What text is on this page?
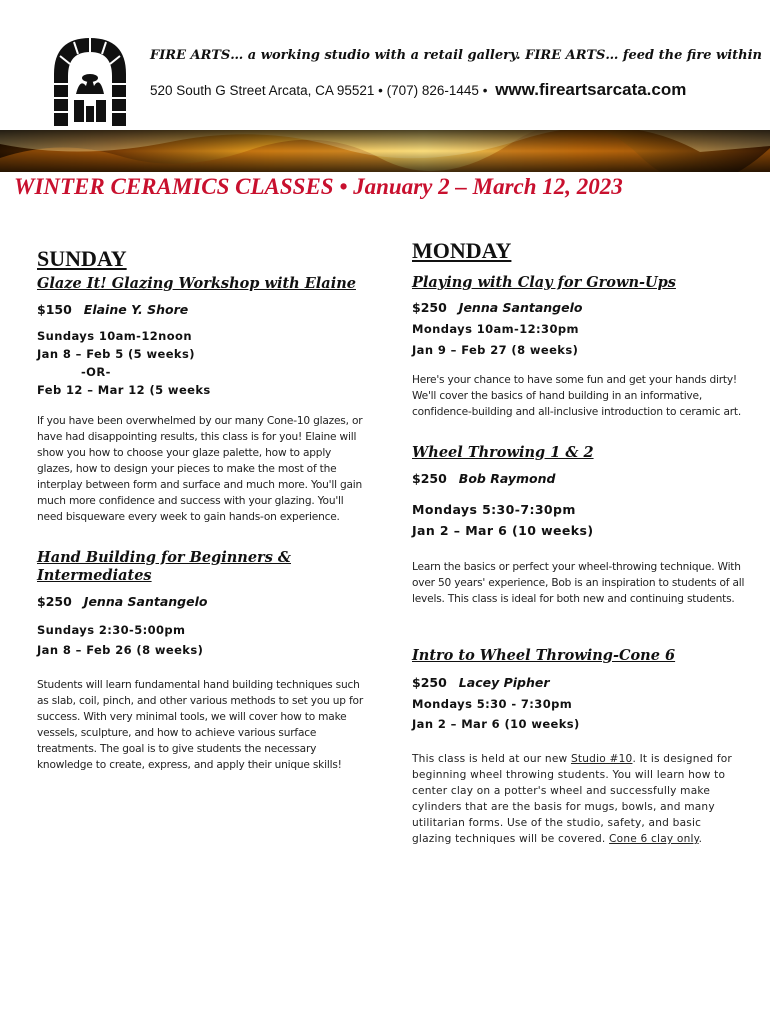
FIRE ARTS… a working studio with a retail gallery. FIRE ARTS… feed the fire within
520 South G Street Arcata, CA 95521 • (707) 826-1445 • www.fireartsarcata.com
WINTER CERAMICS CLASSES • January 2 – March 12, 2023
SUNDAY
Glaze It! Glazing Workshop with Elaine
$150 Elaine Y. Shore
Sundays 10am-12noon
Jan 8 – Feb 5 (5 weeks)
-OR-
Feb 12 – Mar 12 (5 weeks
If you have been overwhelmed by our many Cone-10 glazes, or have had disappointing results, this class is for you! Elaine will show you how to choose your glaze palette, how to apply glazes, how to design your pieces to make the most of the interplay between form and surface and much more. You'll gain much more confidence and success with your glazing. You'll need bisqueware every week to gain hands-on experience.
Hand Building for Beginners & Intermediates
$250 Jenna Santangelo
Sundays 2:30-5:00pm
Jan 8 – Feb 26 (8 weeks)
Students will learn fundamental hand building techniques such as slab, coil, pinch, and other various methods to set you up for success. With very minimal tools, we will cover how to make vessels, sculpture, and how to achieve various surface treatments. The goal is to give students the necessary knowledge to create, express, and apply their unique skills!
MONDAY
Playing with Clay for Grown-Ups
$250 Jenna Santangelo
Mondays 10am-12:30pm
Jan 9 – Feb 27 (8 weeks)
Here's your chance to have some fun and get your hands dirty! We'll cover the basics of hand building in an informative, confidence-building and all-inclusive introduction to ceramic art.
Wheel Throwing 1 & 2
$250 Bob Raymond
Mondays 5:30-7:30pm
Jan 2 – Mar 6 (10 weeks)
Learn the basics or perfect your wheel-throwing technique. With over 50 years' experience, Bob is an inspiration to students of all levels. This class is ideal for both new and continuing students.
Intro to Wheel Throwing-Cone 6
$250 Lacey Pipher
Mondays 5:30 - 7:30pm
Jan 2 – Mar 6 (10 weeks)
This class is held at our new Studio #10. It is designed for beginning wheel throwing students. You will learn how to center clay on a potter's wheel and successfully make cylinders that are the basis for mugs, bowls, and many utilitarian forms. Use of the studio, safety, and basic glazing techniques will be covered. Cone 6 clay only.
